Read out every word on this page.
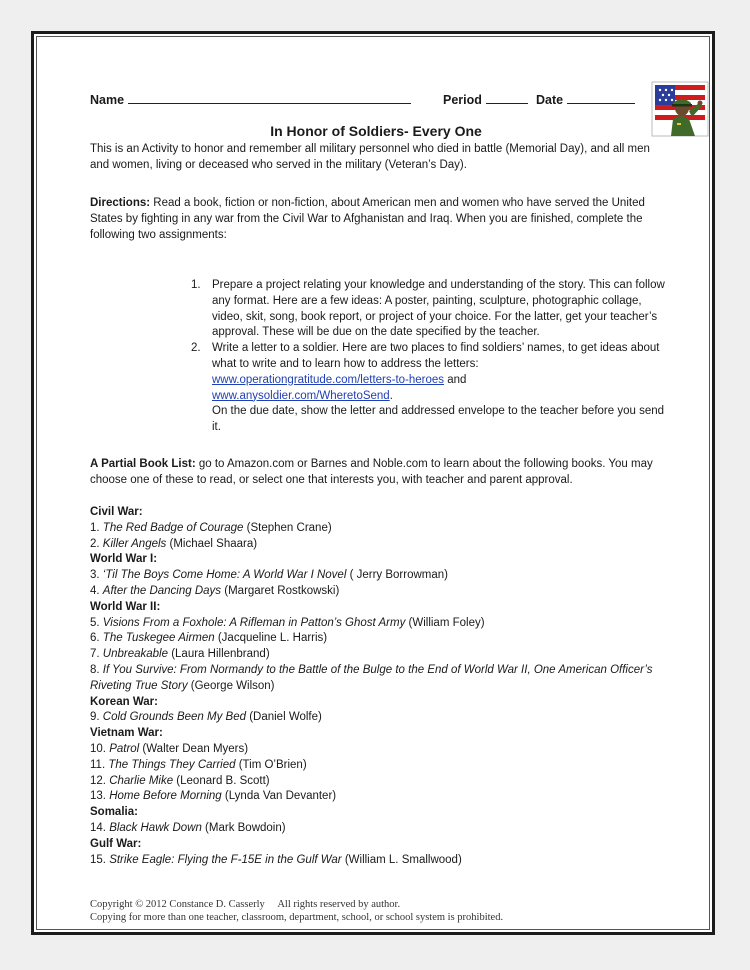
Name	Period	Date
In Honor of Soldiers- Every One
This is an Activity to honor and remember all military personnel who died in battle (Memorial Day), and all men and women, living or deceased who served in the military (Veteran’s Day).
Directions: Read a book, fiction or non-fiction, about American men and women who have served the United States by fighting in any war from the Civil War to Afghanistan and Iraq. When you are finished, complete the following two assignments:
1. Prepare a project relating your knowledge and understanding of the story. This can follow any format. Here are a few ideas: A poster, painting, sculpture, photographic collage, video, skit, song, book report, or project of your choice. For the latter, get your teacher’s approval. These will be due on the date specified by the teacher.
2. Write a letter to a soldier. Here are two places to find soldiers’ names, to get ideas about what to write and to learn how to address the letters:
www.operationgratitude.com/letters-to-heroes and
www.anysoldier.com/WheretoSend.
On the due date, show the letter and addressed envelope to the teacher before you send it.
A Partial Book List: go to Amazon.com or Barnes and Noble.com to learn about the following books. You may choose one of these to read, or select one that interests you, with teacher and parent approval.
Civil War:
1. The Red Badge of Courage (Stephen Crane)
2. Killer Angels (Michael Shaara)
World War I:
3. ‘Til The Boys Come Home: A World War I Novel ( Jerry Borrowman)
4. After the Dancing Days (Margaret Rostkowski)
World War II:
5. Visions From a Foxhole: A Rifleman in Patton’s Ghost Army (William Foley)
6. The Tuskegee Airmen (Jacqueline L. Harris)
7. Unbreakable (Laura Hillenbrand)
8. If You Survive: From Normandy to the Battle of the Bulge to the End of World War II, One American Officer’s Riveting True Story (George Wilson)
Korean War:
9. Cold Grounds Been My Bed (Daniel Wolfe)
Vietnam War:
10. Patrol (Walter Dean Myers)
11. The Things They Carried (Tim O’Brien)
12. Charlie Mike (Leonard B. Scott)
13. Home Before Morning (Lynda Van Devanter)
Somalia:
14. Black Hawk Down (Mark Bowdoin)
Gulf War:
15. Strike Eagle: Flying the F-15E in the Gulf War (William L. Smallwood)
Copyright © 2012 Constance D. Casserly     All rights reserved by author.
Copying for more than one teacher, classroom, department, school, or school system is prohibited.
